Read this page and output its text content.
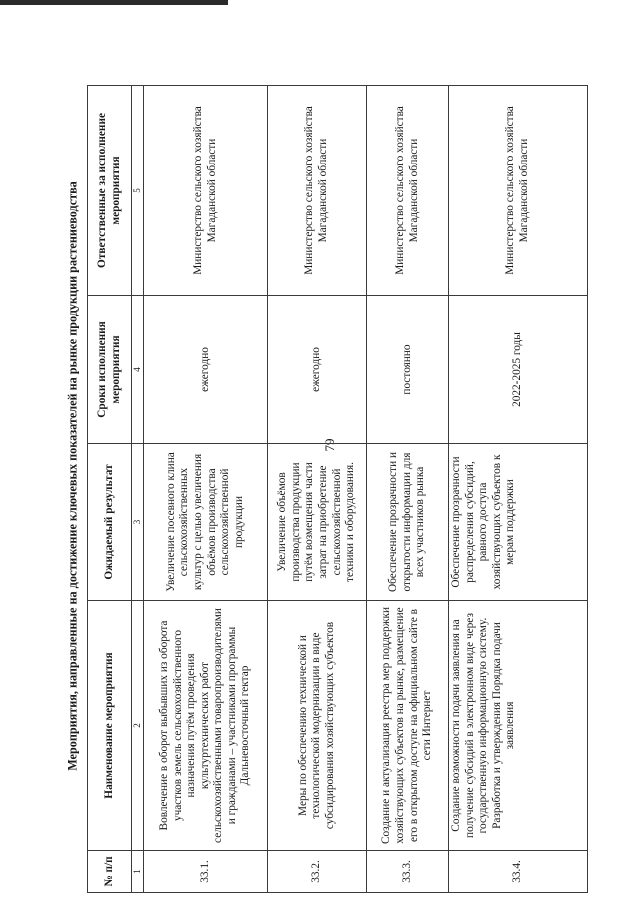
79
Мероприятия, направленные на достижение ключевых показателей на рынке продукции растениеводства
№ п/п	Наименование мероприятия	Ожидаемый результат	Сроки исполнения мероприятия	Ответственные за исполнение мероприятия
1	2	3	4	5
33.1.	Вовлечение в оборот выбывших из оборота участков земель сельскохозяйственного назначения путём проведения культуртехнических работ сельскохозяйственными товаропроизводителями и гражданами – участниками программы Дальневосточный гектар	Увеличение посевного клина сельскохозяйственных культур с целью увеличения объёмов производства сельскохозяйственной продукции	ежегодно	Министерство сельского хозяйства Магаданской области
33.2.	Меры по обеспечению технической и технологической модернизации в виде субсидирования хозяйствующих субъектов	Увеличение объёмов производства продукции путём возмещения части затрат на приобретение сельскохозяйственной техники и оборудования.	ежегодно	Министерство сельского хозяйства Магаданской области
33.3.	Создание и актуализация реестра мер поддержки хозяйствующих субъектов на рынке, размещение его в открытом доступе на официальном сайте в сети Интернет	Обеспечение прозрачности и открытости информации для всех участников рынка	постоянно	Министерство сельского хозяйства Магаданской области
33.4.	Создание возможности подачи заявления на получение субсидий в электронном виде через государственную информационную систему. Разработка и утверждения Порядка подачи заявления	Обеспечение прозрачности распределения субсидий, равного доступа хозяйствующих субъектов к мерам поддержки	2022-2025 годы	Министерство сельского хозяйства Магаданской области
